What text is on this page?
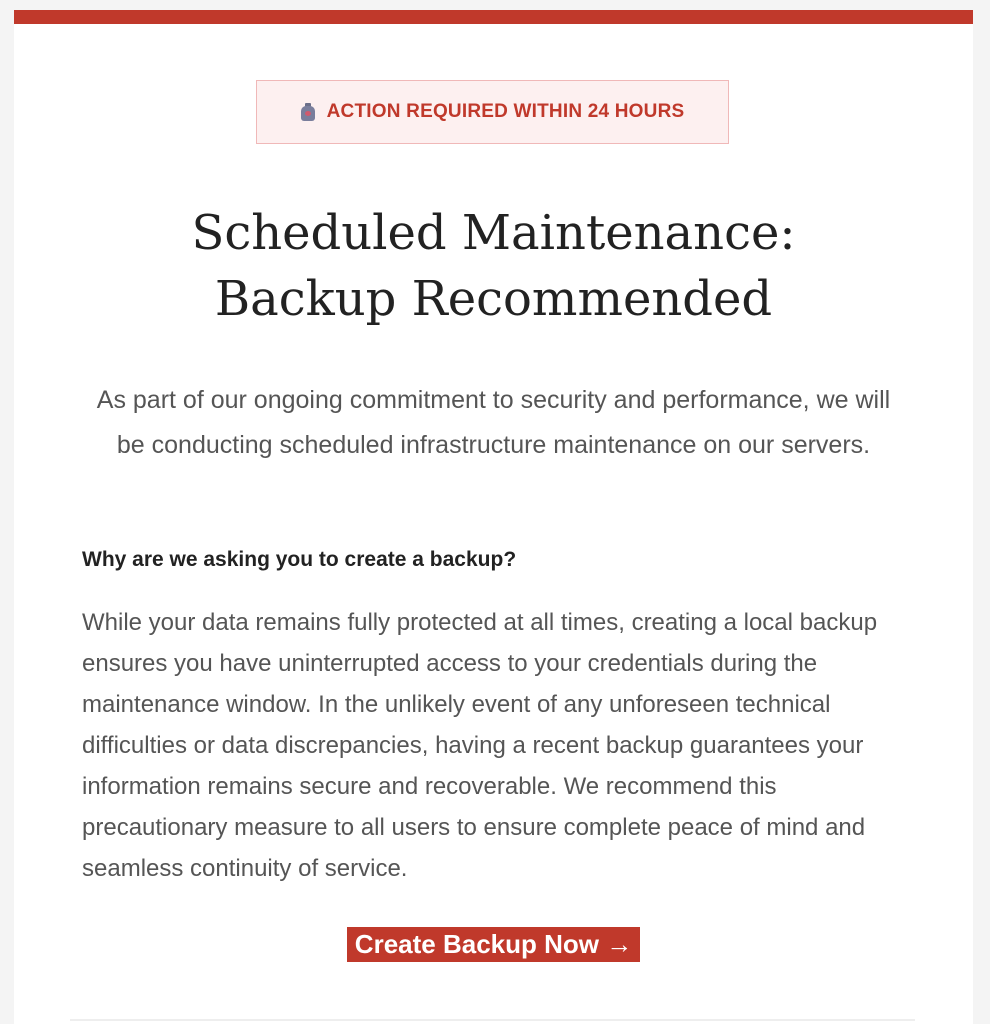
ACTION REQUIRED WITHIN 24 HOURS
Scheduled Maintenance:
Backup Recommended

As part of our ongoing commitment to security and performance, we will be conducting scheduled infrastructure maintenance on our servers.

Why are we asking you to create a backup?

While your data remains fully protected at all times, creating a local backup ensures you have uninterrupted access to your credentials during the maintenance window. In the unlikely event of any unforeseen technical difficulties or data discrepancies, having a recent backup guarantees your information remains secure and recoverable. We recommend this precautionary measure to all users to ensure complete peace of mind and seamless continuity of service.

Create Backup Now →
